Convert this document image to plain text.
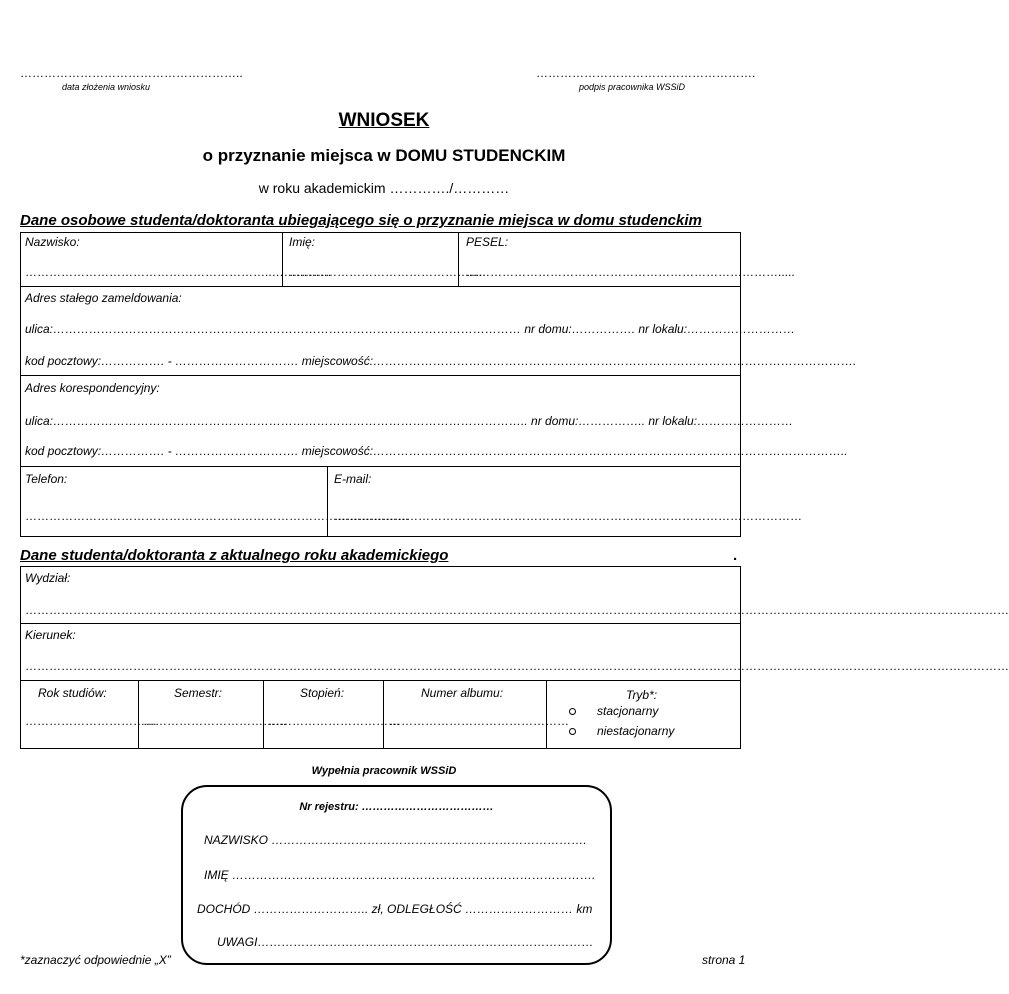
………………………………………………..
data złożenia wniosku
……………………………………………….
podpis pracownika WSSiD
WNIOSEK
o przyznanie miejsca w DOMU STUDENCKIM
w roku akademickim …………./…………
Dane osobowe studenta/doktoranta ubiegającego się o przyznanie miejsca w domu studenckim
Nazwisko:
……………………………………………………..……………
Imię:
……………………………………….....
PESEL:
…………………………………………………………………….....
Adres stałego zameldowania:
ulica:……………………………………………………………………………………………………… nr domu:……………. nr lokalu:………………………
kod pocztowy:……………. - …………………………. miejscowość:………………………………………………………………………………………………………….
Adres korespondencyjny:
ulica:……………………………………………………………………………………………………….. nr domu:…………….. nr lokalu:……………………
kod pocztowy:……………. - …………………………. miejscowość:………………………………………………………………………………………………………..
Telefon:
……………………………………………………………………………………
E-mail:
………………………………………………………………………………………………………
Dane studenta/doktoranta z aktualnego roku akademickiego	.
Wydział:
…………………………………………………………………………………………………………………………………………………………………………………………………………………………
Kierunek:
…………………………………………………………………………………………………………………………………………………………………………………………………………………………
Rok studiów:
……………………………
Semestr:
………………………………
Stopień:
……………………………
Numer albumu:
………………………………………
Tryb*:
stacjonarny
niestacjonarny
Wypełnia pracownik WSSiD
Nr rejestru: ………………………………
NAZWISKO …………………………………………………………………….
IMIĘ ……………………………………………………………………………….
DOCHÓD ……………………….. zł, ODLEGŁOŚĆ ……………………… km
UWAGI…………………………………………………………………………
*zaznaczyć odpowiednie „X”	strona 1
